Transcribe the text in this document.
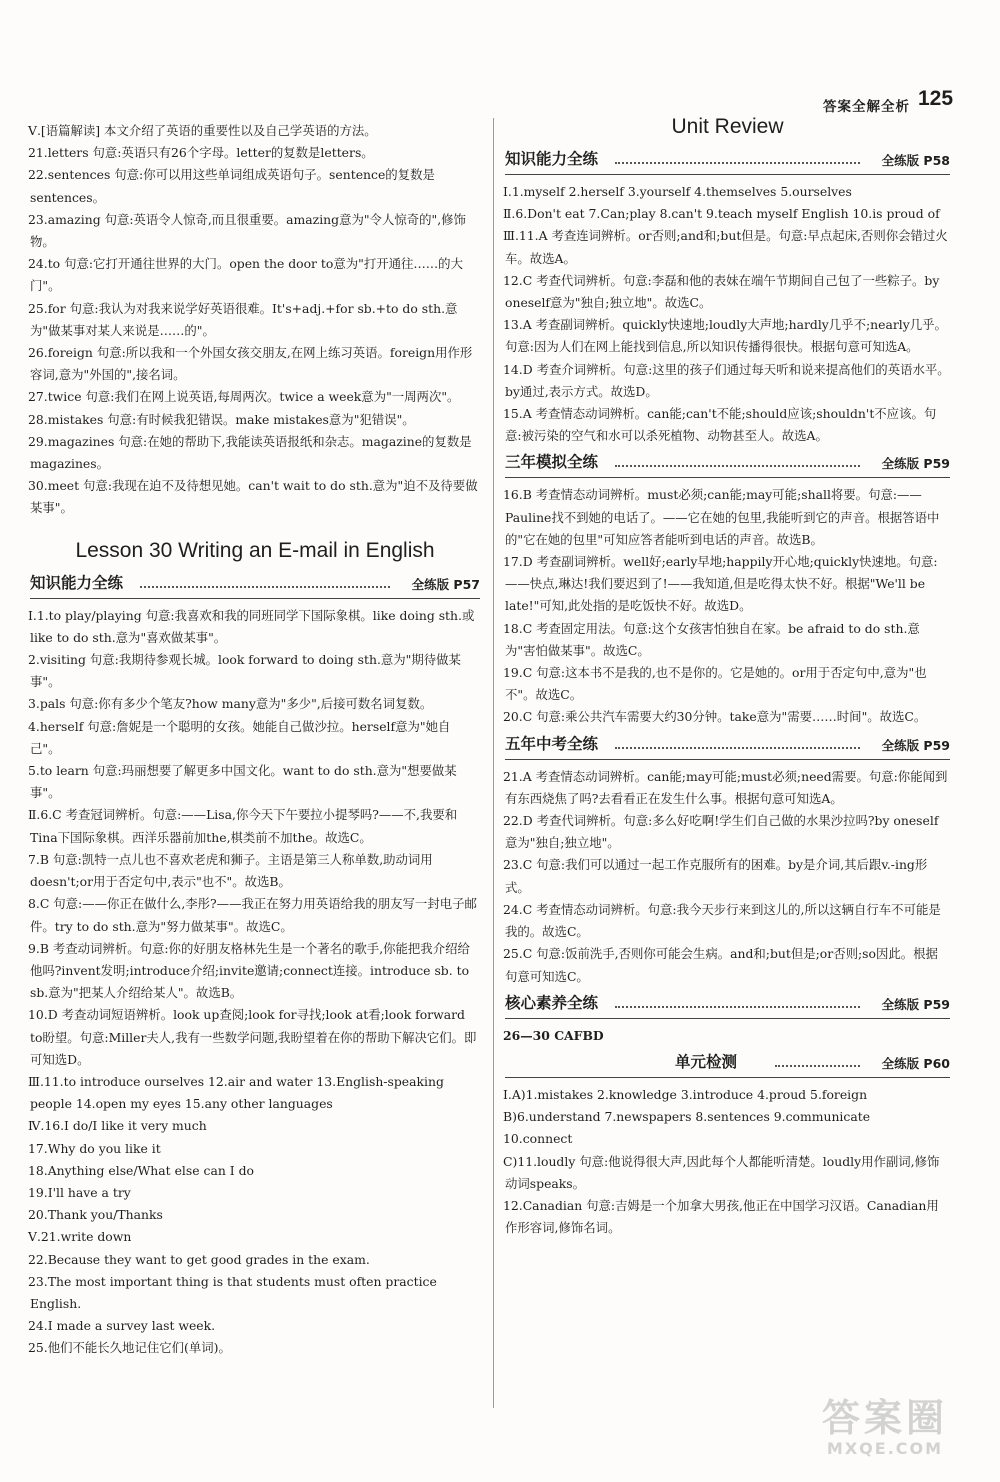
答案全解全析 125

Ⅴ.[语篇解读] 本文介绍了英语的重要性以及自己学英语的方法。

21.letters 句意:英语只有26个字母。letter的复数是letters。

22.sentences 句意:你可以用这些单词组成英语句子。sentence的复数是sentences。

23.amazing 句意:英语令人惊奇,而且很重要。amazing意为"令人惊奇的",修饰物。

24.to 句意:它打开通往世界的大门。open the door to意为"打开通往……的大门"。

25.for 句意:我认为对我来说学好英语很难。It's+adj.+for sb.+to do sth.意为"做某事对某人来说是……的"。

26.foreign 句意:所以我和一个外国女孩交朋友,在网上练习英语。foreign用作形容词,意为"外国的",接名词。

27.twice 句意:我们在网上说英语,每周两次。twice a week意为"一周两次"。

28.mistakes 句意:有时候我犯错误。make mistakes意为"犯错误"。

29.magazines 句意:在她的帮助下,我能读英语报纸和杂志。magazine的复数是magazines。

30.meet 句意:我现在迫不及待想见她。can't wait to do sth.意为"迫不及待要做某事"。

Lesson 30 Writing an E-mail in English
知识能力全练	全练版 P57

Ⅰ.1.to play/playing 句意:我喜欢和我的同班同学下国际象棋。like doing sth.或like to do sth.意为"喜欢做某事"。

2.visiting 句意:我期待参观长城。look forward to doing sth.意为"期待做某事"。

3.pals 句意:你有多少个笔友?how many意为"多少",后接可数名词复数。

4.herself 句意:詹妮是一个聪明的女孩。她能自己做沙拉。herself意为"她自己"。

5.to learn 句意:玛丽想要了解更多中国文化。want to do sth.意为"想要做某事"。

Ⅱ.6.C 考查冠词辨析。句意:——Lisa,你今天下午要拉小提琴吗?——不,我要和Tina下国际象棋。西洋乐器前加the,棋类前不加the。故选C。

7.B 句意:凯特一点儿也不喜欢老虎和狮子。主语是第三人称单数,助动词用doesn't;or用于否定句中,表示"也不"。故选B。

8.C 句意:——你正在做什么,李彤?——我正在努力用英语给我的朋友写一封电子邮件。try to do sth.意为"努力做某事"。故选C。

9.B 考查动词辨析。句意:你的好朋友格林先生是一个著名的歌手,你能把我介绍给他吗?invent发明;introduce介绍;invite邀请;connect连接。introduce sb. to sb.意为"把某人介绍给某人"。故选B。

10.D 考查动词短语辨析。look up查阅;look for寻找;look at看;look forward to盼望。句意:Miller夫人,我有一些数学问题,我盼望着在你的帮助下解决它们。即可知选D。

Ⅲ.11.to introduce ourselves 12.air and water 13.English-speaking people 14.open my eyes 15.any other languages

Ⅳ.16.I do/I like it very much

17.Why do you like it

18.Anything else/What else can I do

19.I'll have a try

20.Thank you/Thanks

Ⅴ.21.write down

22.Because they want to get good grades in the exam.

23.The most important thing is that students must often practice English.

24.I made a survey last week.

25.他们不能长久地记住它们(单词)。

Unit Review
知识能力全练	全练版 P58

Ⅰ.1.myself 2.herself 3.yourself 4.themselves 5.ourselves

Ⅱ.6.Don't eat 7.Can;play 8.can't 9.teach myself English 10.is proud of

Ⅲ.11.A 考查连词辨析。or否则;and和;but但是。句意:早点起床,否则你会错过火车。故选A。

12.C 考查代词辨析。句意:李磊和他的表妹在端午节期间自己包了一些粽子。by oneself意为"独自;独立地"。故选C。

13.A 考查副词辨析。quickly快速地;loudly大声地;hardly几乎不;nearly几乎。句意:因为人们在网上能找到信息,所以知识传播得很快。根据句意可知选A。

14.D 考查介词辨析。句意:这里的孩子们通过每天听和说来提高他们的英语水平。by通过,表示方式。故选D。

15.A 考查情态动词辨析。can能;can't不能;should应该;shouldn't不应该。句意:被污染的空气和水可以杀死植物、动物甚至人。故选A。

三年模拟全练	全练版 P59

16.B 考查情态动词辨析。must必须;can能;may可能;shall将要。句意:——Pauline找不到她的电话了。——它在她的包里,我能听到它的声音。根据答语中的"它在她的包里"可知应答者能听到电话的声音。故选B。

17.D 考查副词辨析。well好;early早地;happily开心地;quickly快速地。句意:——快点,琳达!我们要迟到了!——我知道,但是吃得太快不好。根据"We'll be late!"可知,此处指的是吃饭快不好。故选D。

18.C 考查固定用法。句意:这个女孩害怕独自在家。be afraid to do sth.意为"害怕做某事"。故选C。

19.C 句意:这本书不是我的,也不是你的。它是她的。or用于否定句中,意为"也不"。故选C。

20.C 句意:乘公共汽车需要大约30分钟。take意为"需要……时间"。故选C。

五年中考全练	全练版 P59

21.A 考查情态动词辨析。can能;may可能;must必须;need需要。句意:你能闻到有东西烧焦了吗?去看看正在发生什么事。根据句意可知选A。

22.D 考查代词辨析。句意:多么好吃啊!学生们自己做的水果沙拉吗?by oneself意为"独自;独立地"。

23.C 句意:我们可以通过一起工作克服所有的困难。by是介词,其后跟v.-ing形式。

24.C 考查情态动词辨析。句意:我今天步行来到这儿的,所以这辆自行车不可能是我的。故选C。

25.C 句意:饭前洗手,否则你可能会生病。and和;but但是;or否则;so因此。根据句意可知选C。

核心素养全练	全练版 P59

26—30 CAFBD

单元检测	全练版 P60

Ⅰ.A)1.mistakes 2.knowledge 3.introduce 4.proud 5.foreign

B)6.understand 7.newspapers 8.sentences 9.communicate

10.connect

C)11.loudly 句意:他说得很大声,因此每个人都能听清楚。loudly用作副词,修饰动词speaks。

12.Canadian 句意:吉姆是一个加拿大男孩,他正在中国学习汉语。Canadian用作形容词,修饰名词。

答案圈
MXQE.COM
